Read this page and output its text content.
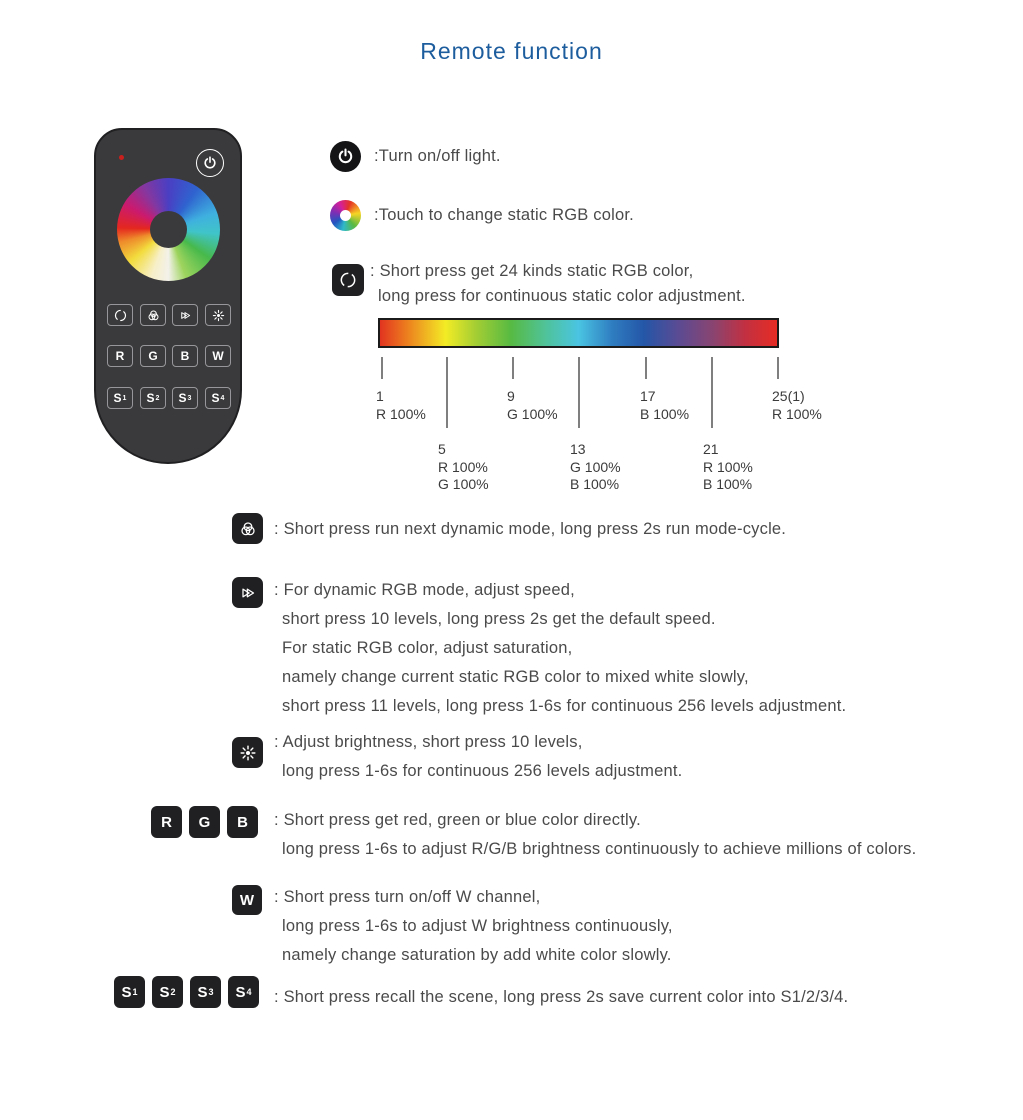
Remote function
R G B W
S 1 S 2 S 3 S 4
:Turn on/off light.
:Touch to change static RGB color.
: Short press get 24 kinds static RGB color,
long press for continuous static color adjustment.
1
R 100%
5
R 100%
G 100%
9
G 100%
13
G 100%
B 100%
17
B 100%
21
R 100%
B 100%
25(1)
R 100%
: Short press run next dynamic mode, long press 2s run mode-cycle.
: For dynamic RGB mode, adjust speed,
short press 10 levels, long press 2s get the default speed.
For static RGB color, adjust saturation,
namely change current static RGB color to mixed white slowly,
short press 11 levels, long press 1-6s for continuous 256 levels adjustment.
: Adjust brightness, short press 10 levels,
long press 1-6s for continuous 256 levels adjustment.
R G B : Short press get red, green or blue color directly.
long press 1-6s to adjust R/G/B brightness continuously to achieve millions of colors.
W : Short press turn on/off W channel,
long press 1-6s to adjust W brightness continuously,
namely change saturation by add white color slowly.
S 1 S 2 S 3 S 4 : Short press recall the scene, long press 2s save current color into S1/2/3/4.
